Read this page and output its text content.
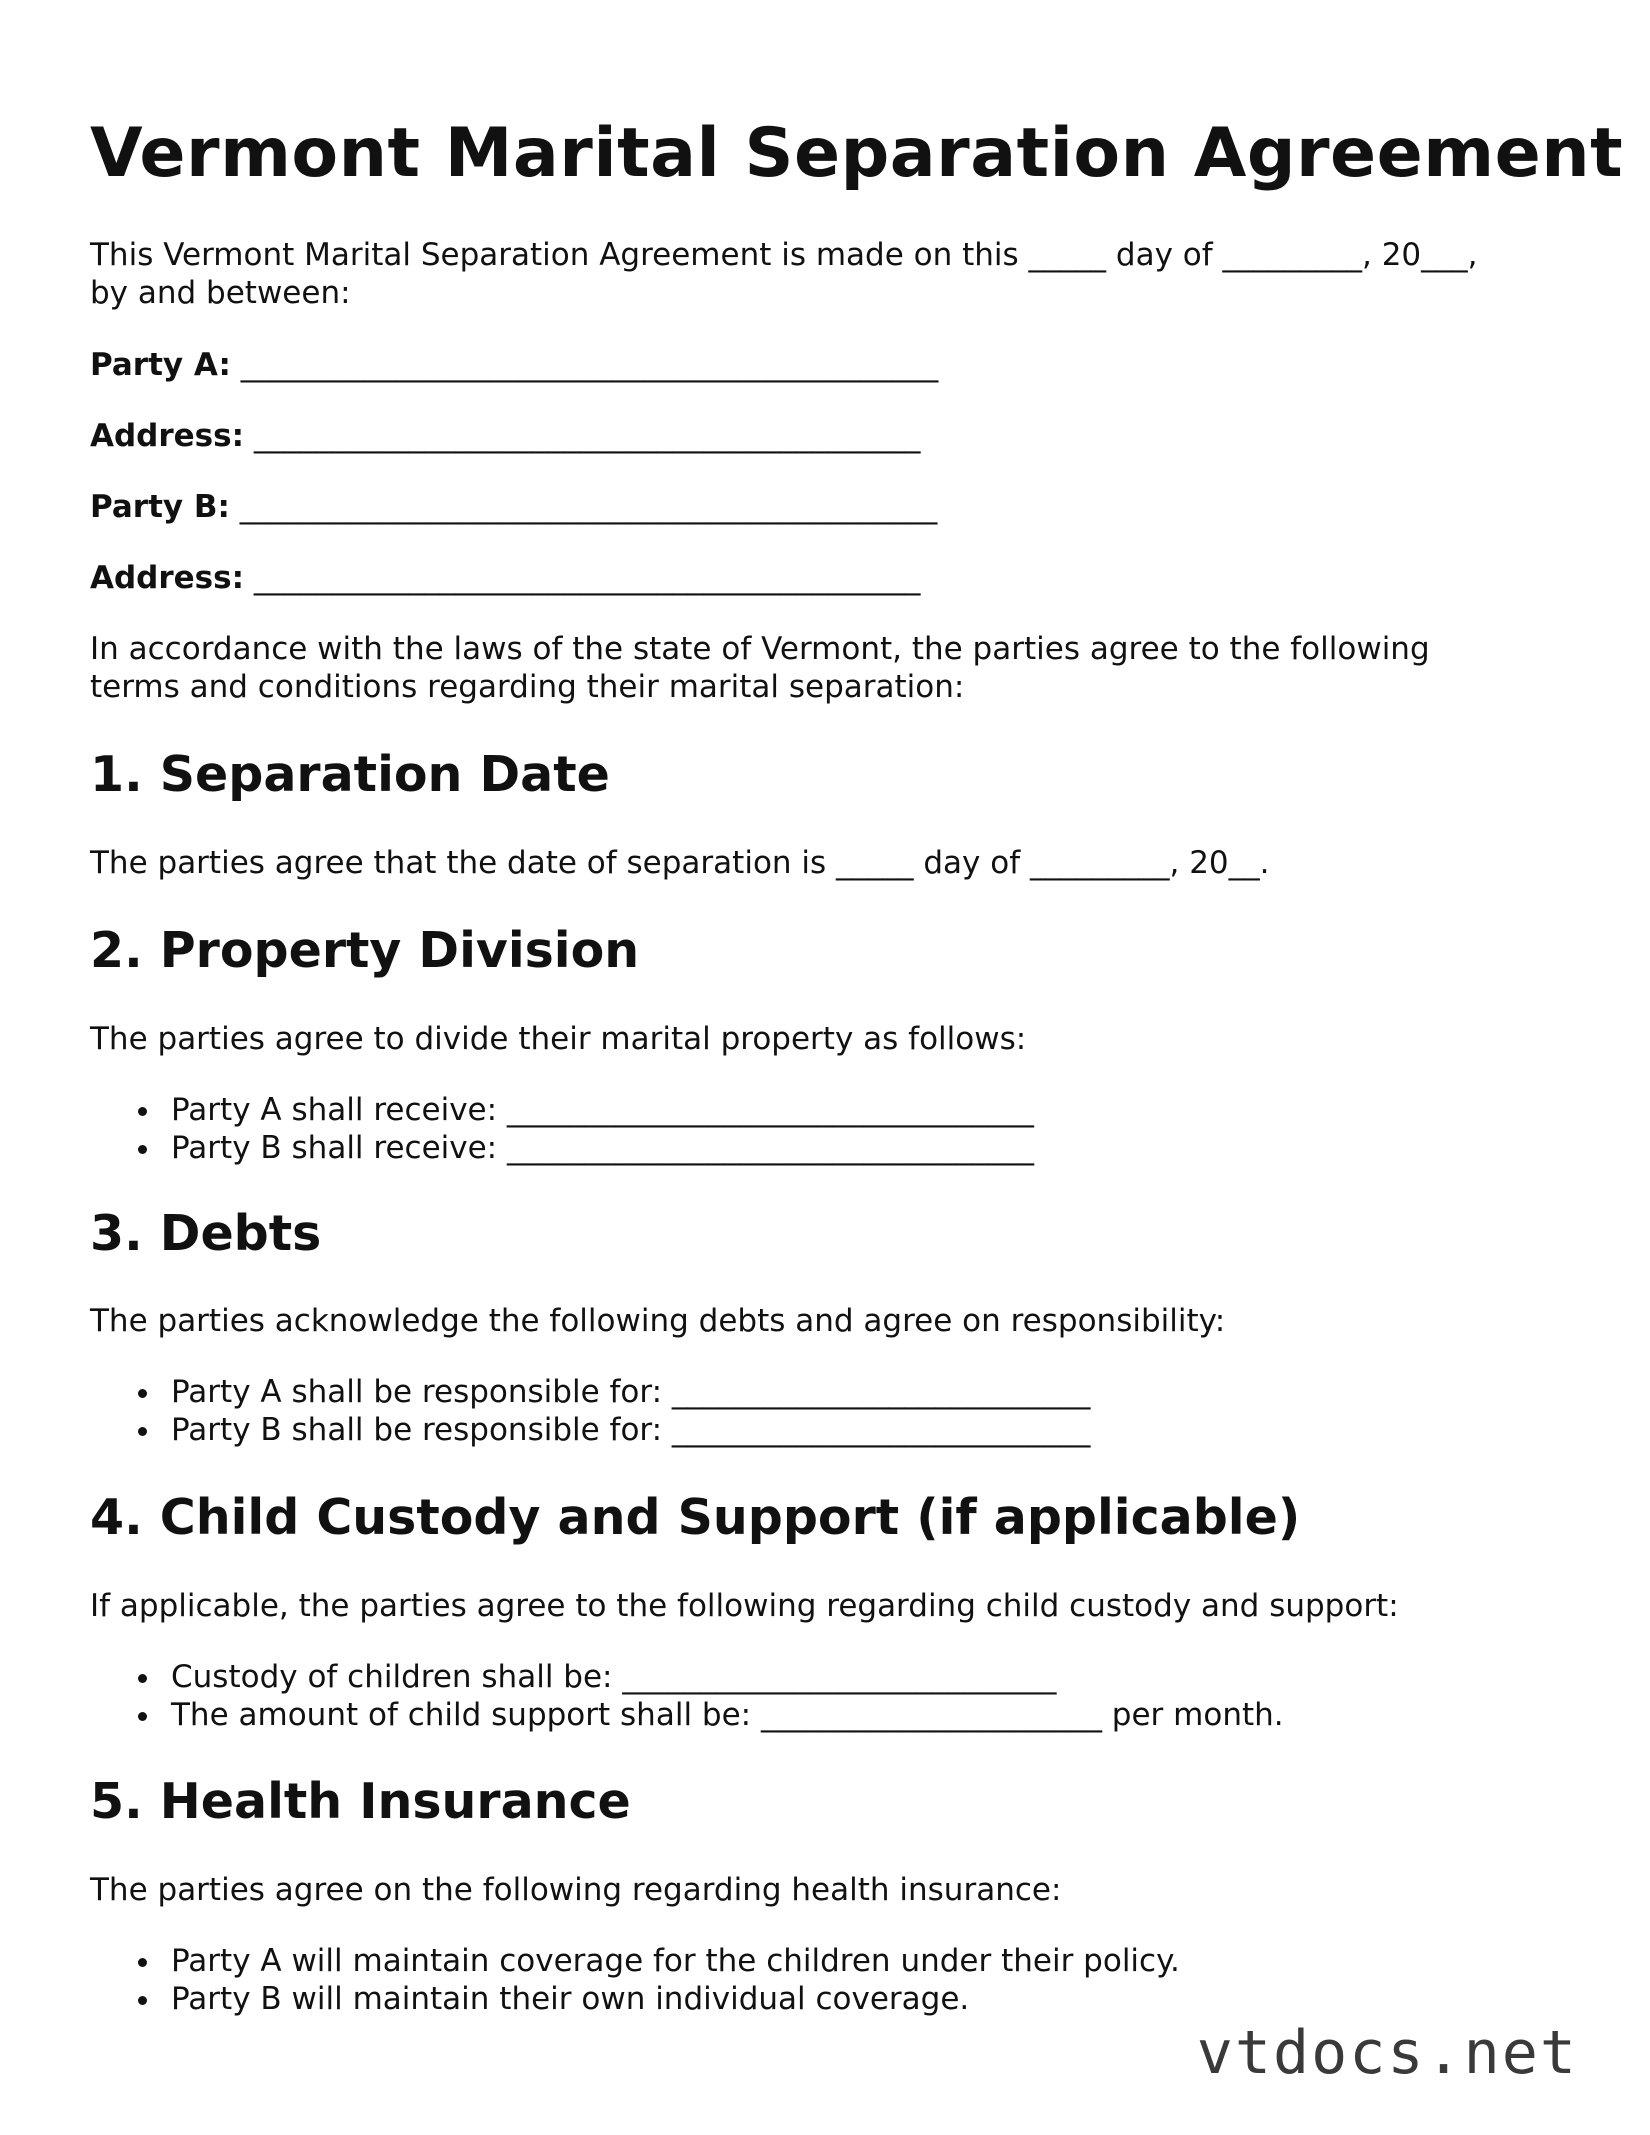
Vermont Marital Separation Agreement

This Vermont Marital Separation Agreement is made on this _____ day of _________, 20___,

by and between:

Party A: _____________________________________________

Address: ___________________________________________

Party B: _____________________________________________

Address: ___________________________________________

In accordance with the laws of the state of Vermont, the parties agree to the following

terms and conditions regarding their marital separation:

1. Separation Date

The parties agree that the date of separation is _____ day of _________, 20__.

2. Property Division

The parties agree to divide their marital property as follows:

Party A shall receive: __________________________________
Party B shall receive: __________________________________
3. Debts

The parties acknowledge the following debts and agree on responsibility:

Party A shall be responsible for: ___________________________
Party B shall be responsible for: ___________________________
4. Child Custody and Support (if applicable)

If applicable, the parties agree to the following regarding child custody and support:

Custody of children shall be: ____________________________
The amount of child support shall be: ______________________ per month.
5. Health Insurance

The parties agree on the following regarding health insurance:

Party A will maintain coverage for the children under their policy.
Party B will maintain their own individual coverage.
vtdocs.net
